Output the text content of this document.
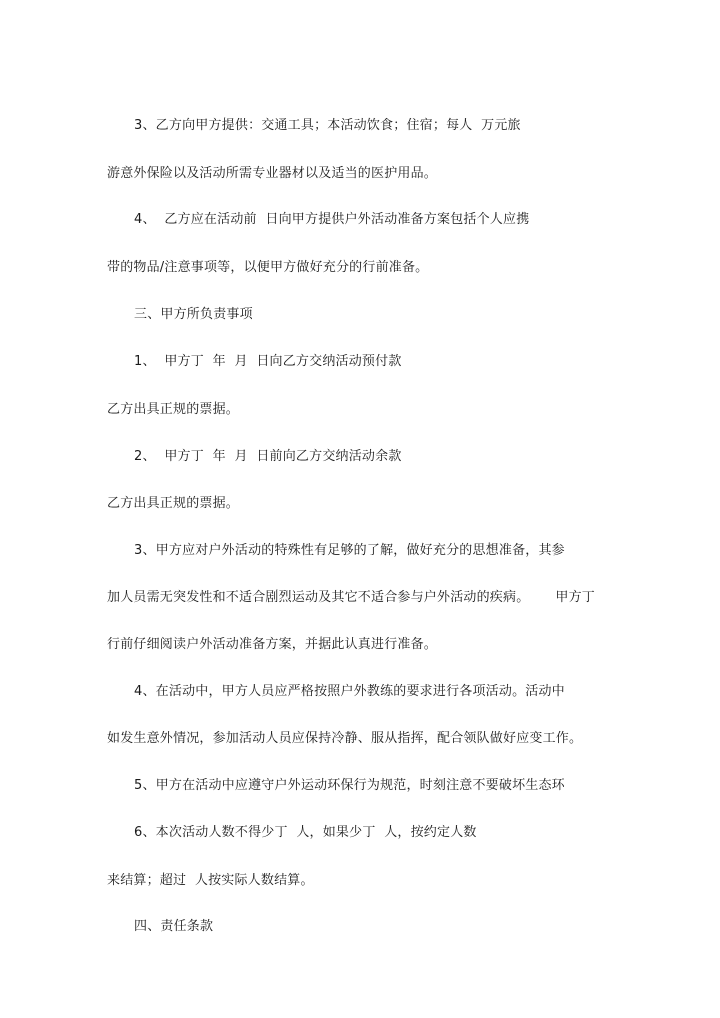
3、乙方向甲方提供：交通工具；本活动饮食；住宿；每人  万元旅
游意外保险以及活动所需专业器材以及适当的医护用品。
4、  乙方应在活动前  日向甲方提供户外活动准备方案包括个人应携
带的物品/注意事项等，以便甲方做好充分的行前准备。
三、甲方所负责事项
1、  甲方丁  年  月  日向乙方交纳活动预付款
乙方出具正规的票据。
2、  甲方丁  年  月  日前向乙方交纳活动余款
乙方出具正规的票据。
3、甲方应对户外活动的特殊性有足够的了解，做好充分的思想准备，其参
加人员需无突发性和不适合剧烈运动及其它不适合参与户外活动的疾病。      甲方丁
行前仔细阅读户外活动准备方案，并据此认真进行准备。
4、在活动中，甲方人员应严格按照户外教练的要求进行各项活动。活动中
如发生意外情况，参加活动人员应保持冷静、服从指挥，配合领队做好应变工作。
5、甲方在活动中应遵守户外运动环保行为规范，时刻注意不要破坏生态环
6、本次活动人数不得少丁  人，如果少丁  人，按约定人数
来结算；超过  人按实际人数结算。
四、责任条款
